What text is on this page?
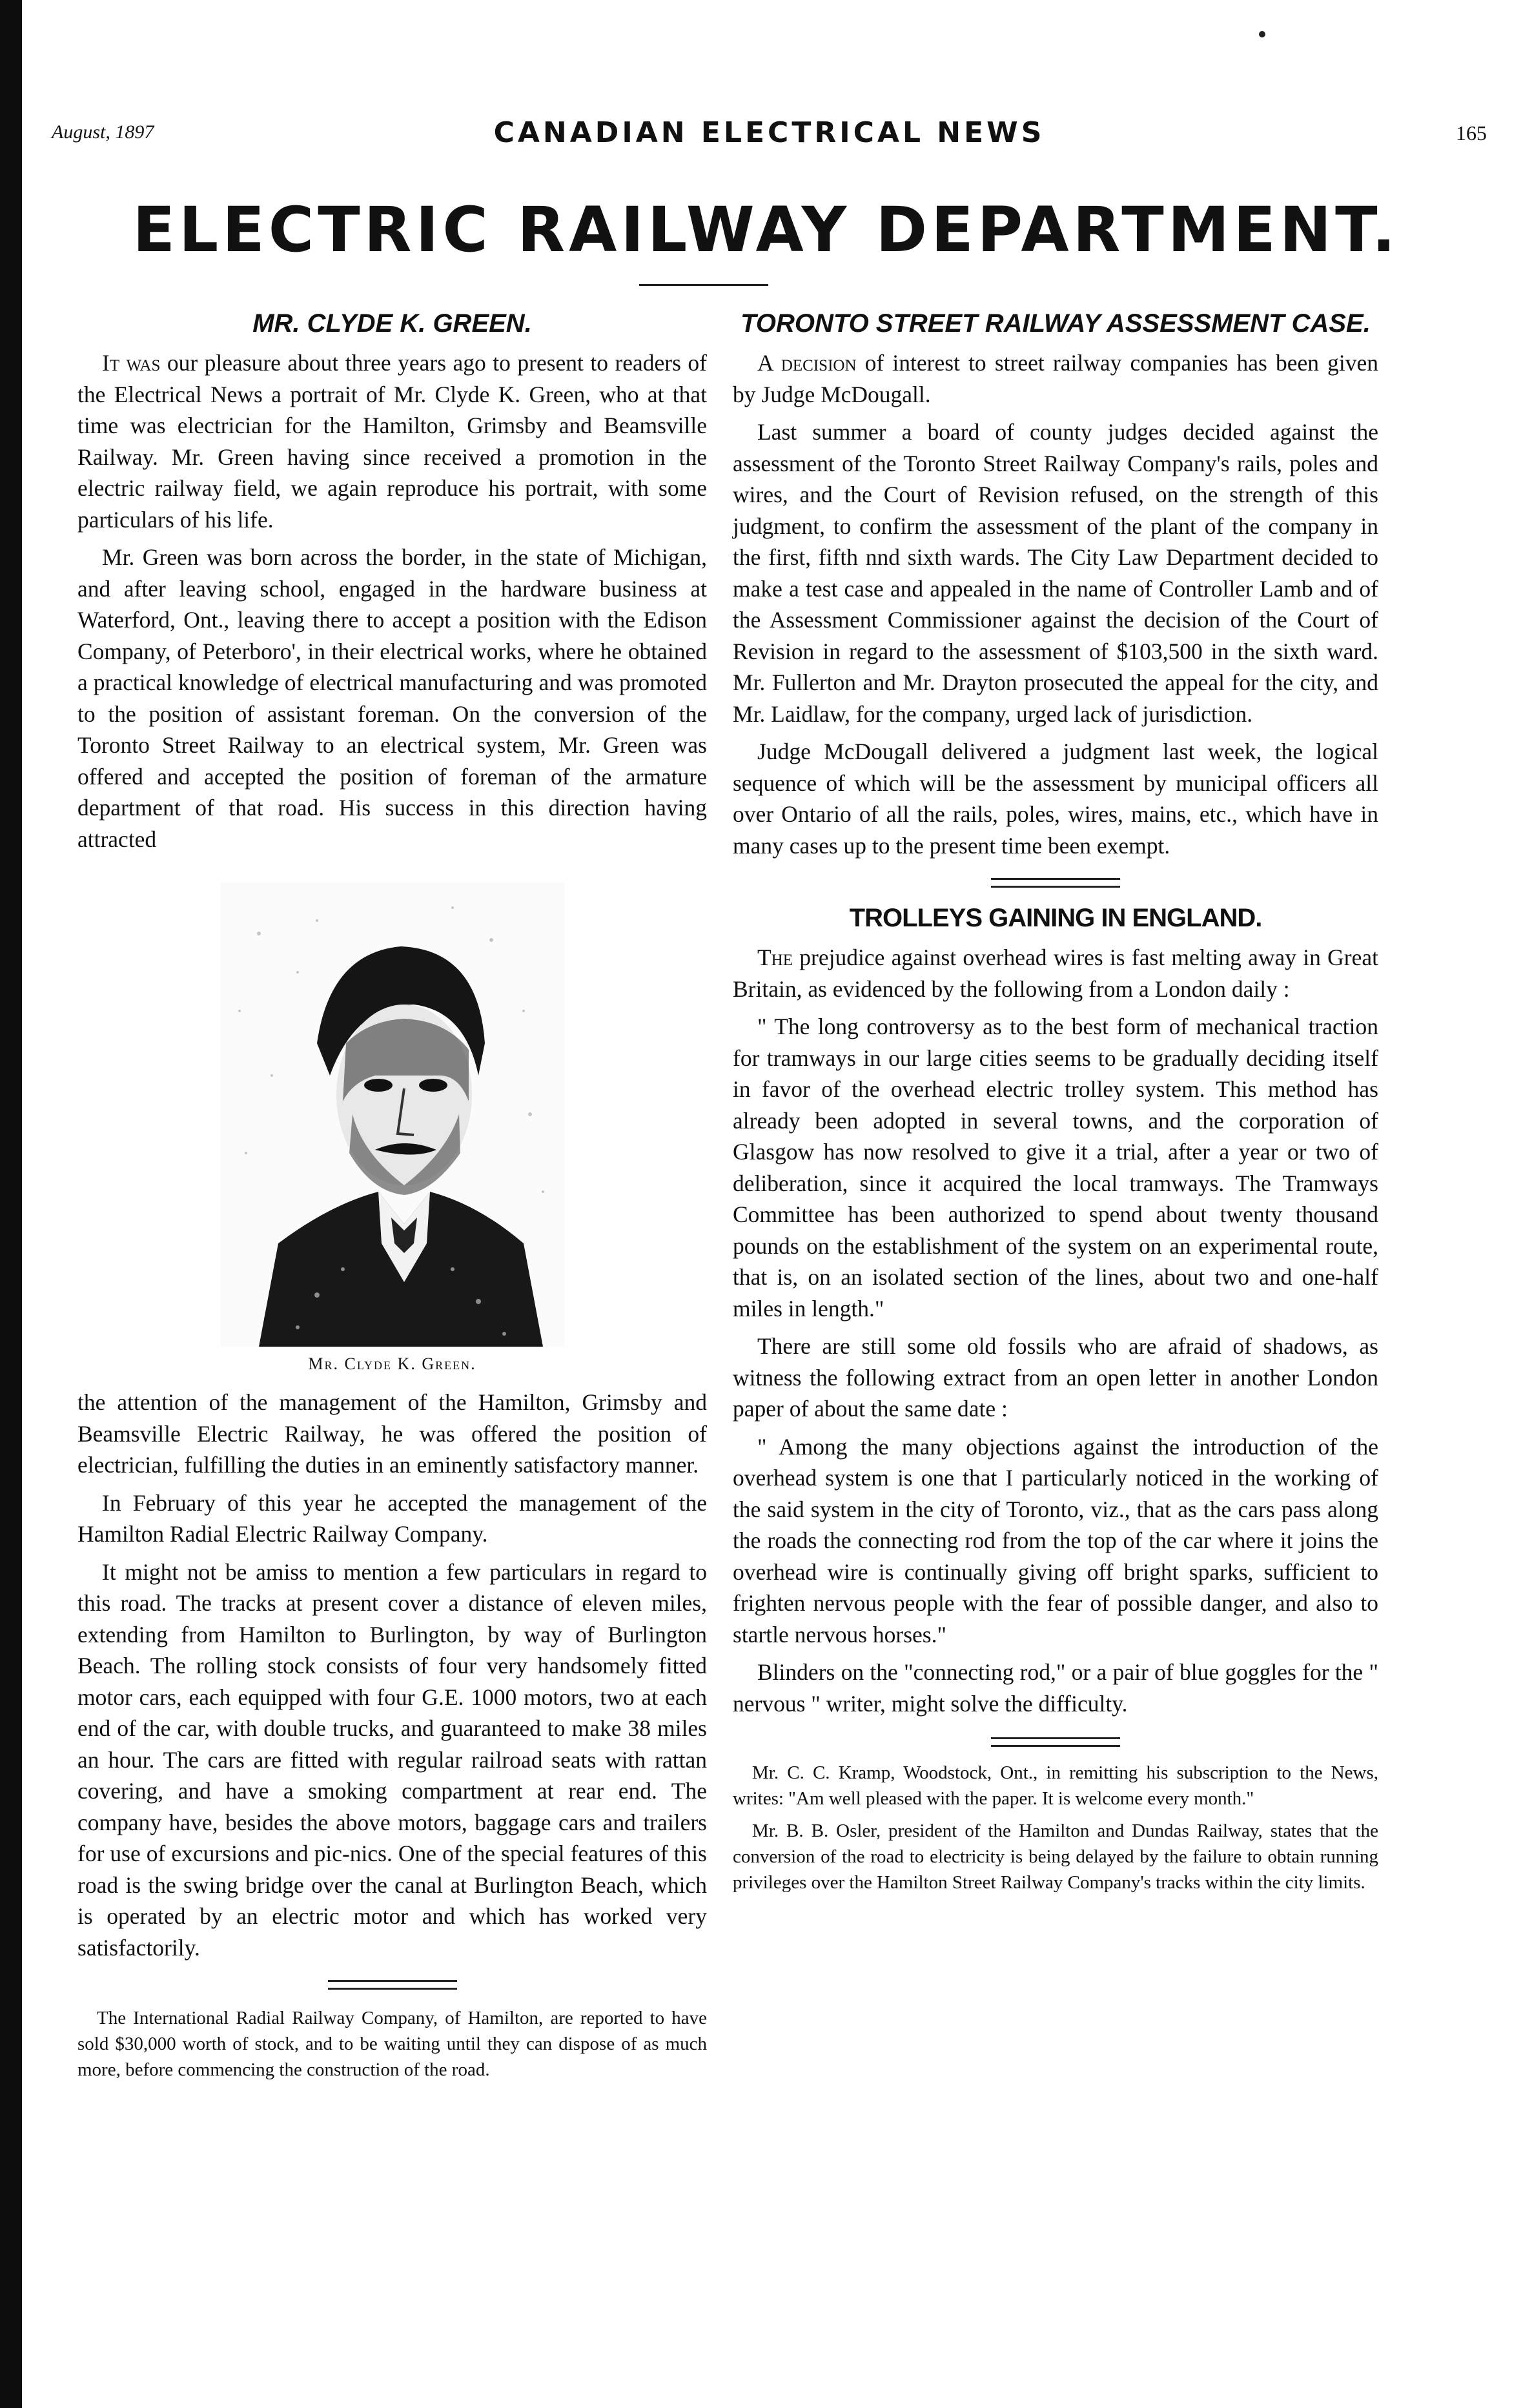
August, 1897	CANADIAN ELECTRICAL NEWS	165
ELECTRIC RAILWAY DEPARTMENT.
MR. CLYDE K. GREEN.

It was our pleasure about three years ago to present to readers of the Electrical News a portrait of Mr. Clyde K. Green, who at that time was electrician for the Hamilton, Grimsby and Beamsville Railway. Mr. Green having since received a promotion in the electric railway field, we again reproduce his portrait, with some particulars of his life.

Mr. Green was born across the border, in the state of Michigan, and after leaving school, engaged in the hardware business at Waterford, Ont., leaving there to accept a position with the Edison Company, of Peterboro', in their electrical works, where he obtained a practical knowledge of electrical manufacturing and was promoted to the position of assistant foreman. On the conversion of the Toronto Street Railway to an electrical system, Mr. Green was offered and accepted the position of foreman of the armature department of that road. His success in this direction having attracted

Mr. Clyde K. Green.

the attention of the management of the Hamilton, Grimsby and Beamsville Electric Railway, he was offered the position of electrician, fulfilling the duties in an eminently satisfactory manner.

In February of this year he accepted the management of the Hamilton Radial Electric Railway Company.

It might not be amiss to mention a few particulars in regard to this road. The tracks at present cover a distance of eleven miles, extending from Hamilton to Burlington, by way of Burlington Beach. The rolling stock consists of four very handsomely fitted motor cars, each equipped with four G.E. 1000 motors, two at each end of the car, with double trucks, and guaranteed to make 38 miles an hour. The cars are fitted with regular railroad seats with rattan covering, and have a smoking compartment at rear end. The company have, besides the above motors, baggage cars and trailers for use of excursions and pic-nics. One of the special features of this road is the swing bridge over the canal at Burlington Beach, which is operated by an electric motor and which has worked very satisfactorily.

The International Radial Railway Company, of Hamilton, are reported to have sold $30,000 worth of stock, and to be waiting until they can dispose of as much more, before commencing the construction of the road.

TORONTO STREET RAILWAY ASSESSMENT CASE.

A decision of interest to street railway companies has been given by Judge McDougall.

Last summer a board of county judges decided against the assessment of the Toronto Street Railway Company's rails, poles and wires, and the Court of Revision refused, on the strength of this judgment, to confirm the assessment of the plant of the company in the first, fifth nnd sixth wards. The City Law Department decided to make a test case and appealed in the name of Controller Lamb and of the Assessment Commissioner against the decision of the Court of Revision in regard to the assessment of $103,500 in the sixth ward. Mr. Fullerton and Mr. Drayton prosecuted the appeal for the city, and Mr. Laidlaw, for the company, urged lack of jurisdiction.

Judge McDougall delivered a judgment last week, the logical sequence of which will be the assessment by municipal officers all over Ontario of all the rails, poles, wires, mains, etc., which have in many cases up to the present time been exempt.

TROLLEYS GAINING IN ENGLAND.

The prejudice against overhead wires is fast melting away in Great Britain, as evidenced by the following from a London daily :

" The long controversy as to the best form of mechanical traction for tramways in our large cities seems to be gradually deciding itself in favor of the overhead electric trolley system. This method has already been adopted in several towns, and the corporation of Glasgow has now resolved to give it a trial, after a year or two of deliberation, since it acquired the local tramways. The Tramways Committee has been authorized to spend about twenty thousand pounds on the establishment of the system on an experimental route, that is, on an isolated section of the lines, about two and one-half miles in length."

There are still some old fossils who are afraid of shadows, as witness the following extract from an open letter in another London paper of about the same date :

" Among the many objections against the introduction of the overhead system is one that I particularly noticed in the working of the said system in the city of Toronto, viz., that as the cars pass along the roads the connecting rod from the top of the car where it joins the overhead wire is continually giving off bright sparks, sufficient to frighten nervous people with the fear of possible danger, and also to startle nervous horses."

Blinders on the "connecting rod," or a pair of blue goggles for the " nervous " writer, might solve the difficulty.

Mr. C. C. Kramp, Woodstock, Ont., in remitting his subscription to the News, writes: "Am well pleased with the paper. It is welcome every month."

Mr. B. B. Osler, president of the Hamilton and Dundas Railway, states that the conversion of the road to electricity is being delayed by the failure to obtain running privileges over the Hamilton Street Railway Company's tracks within the city limits.
